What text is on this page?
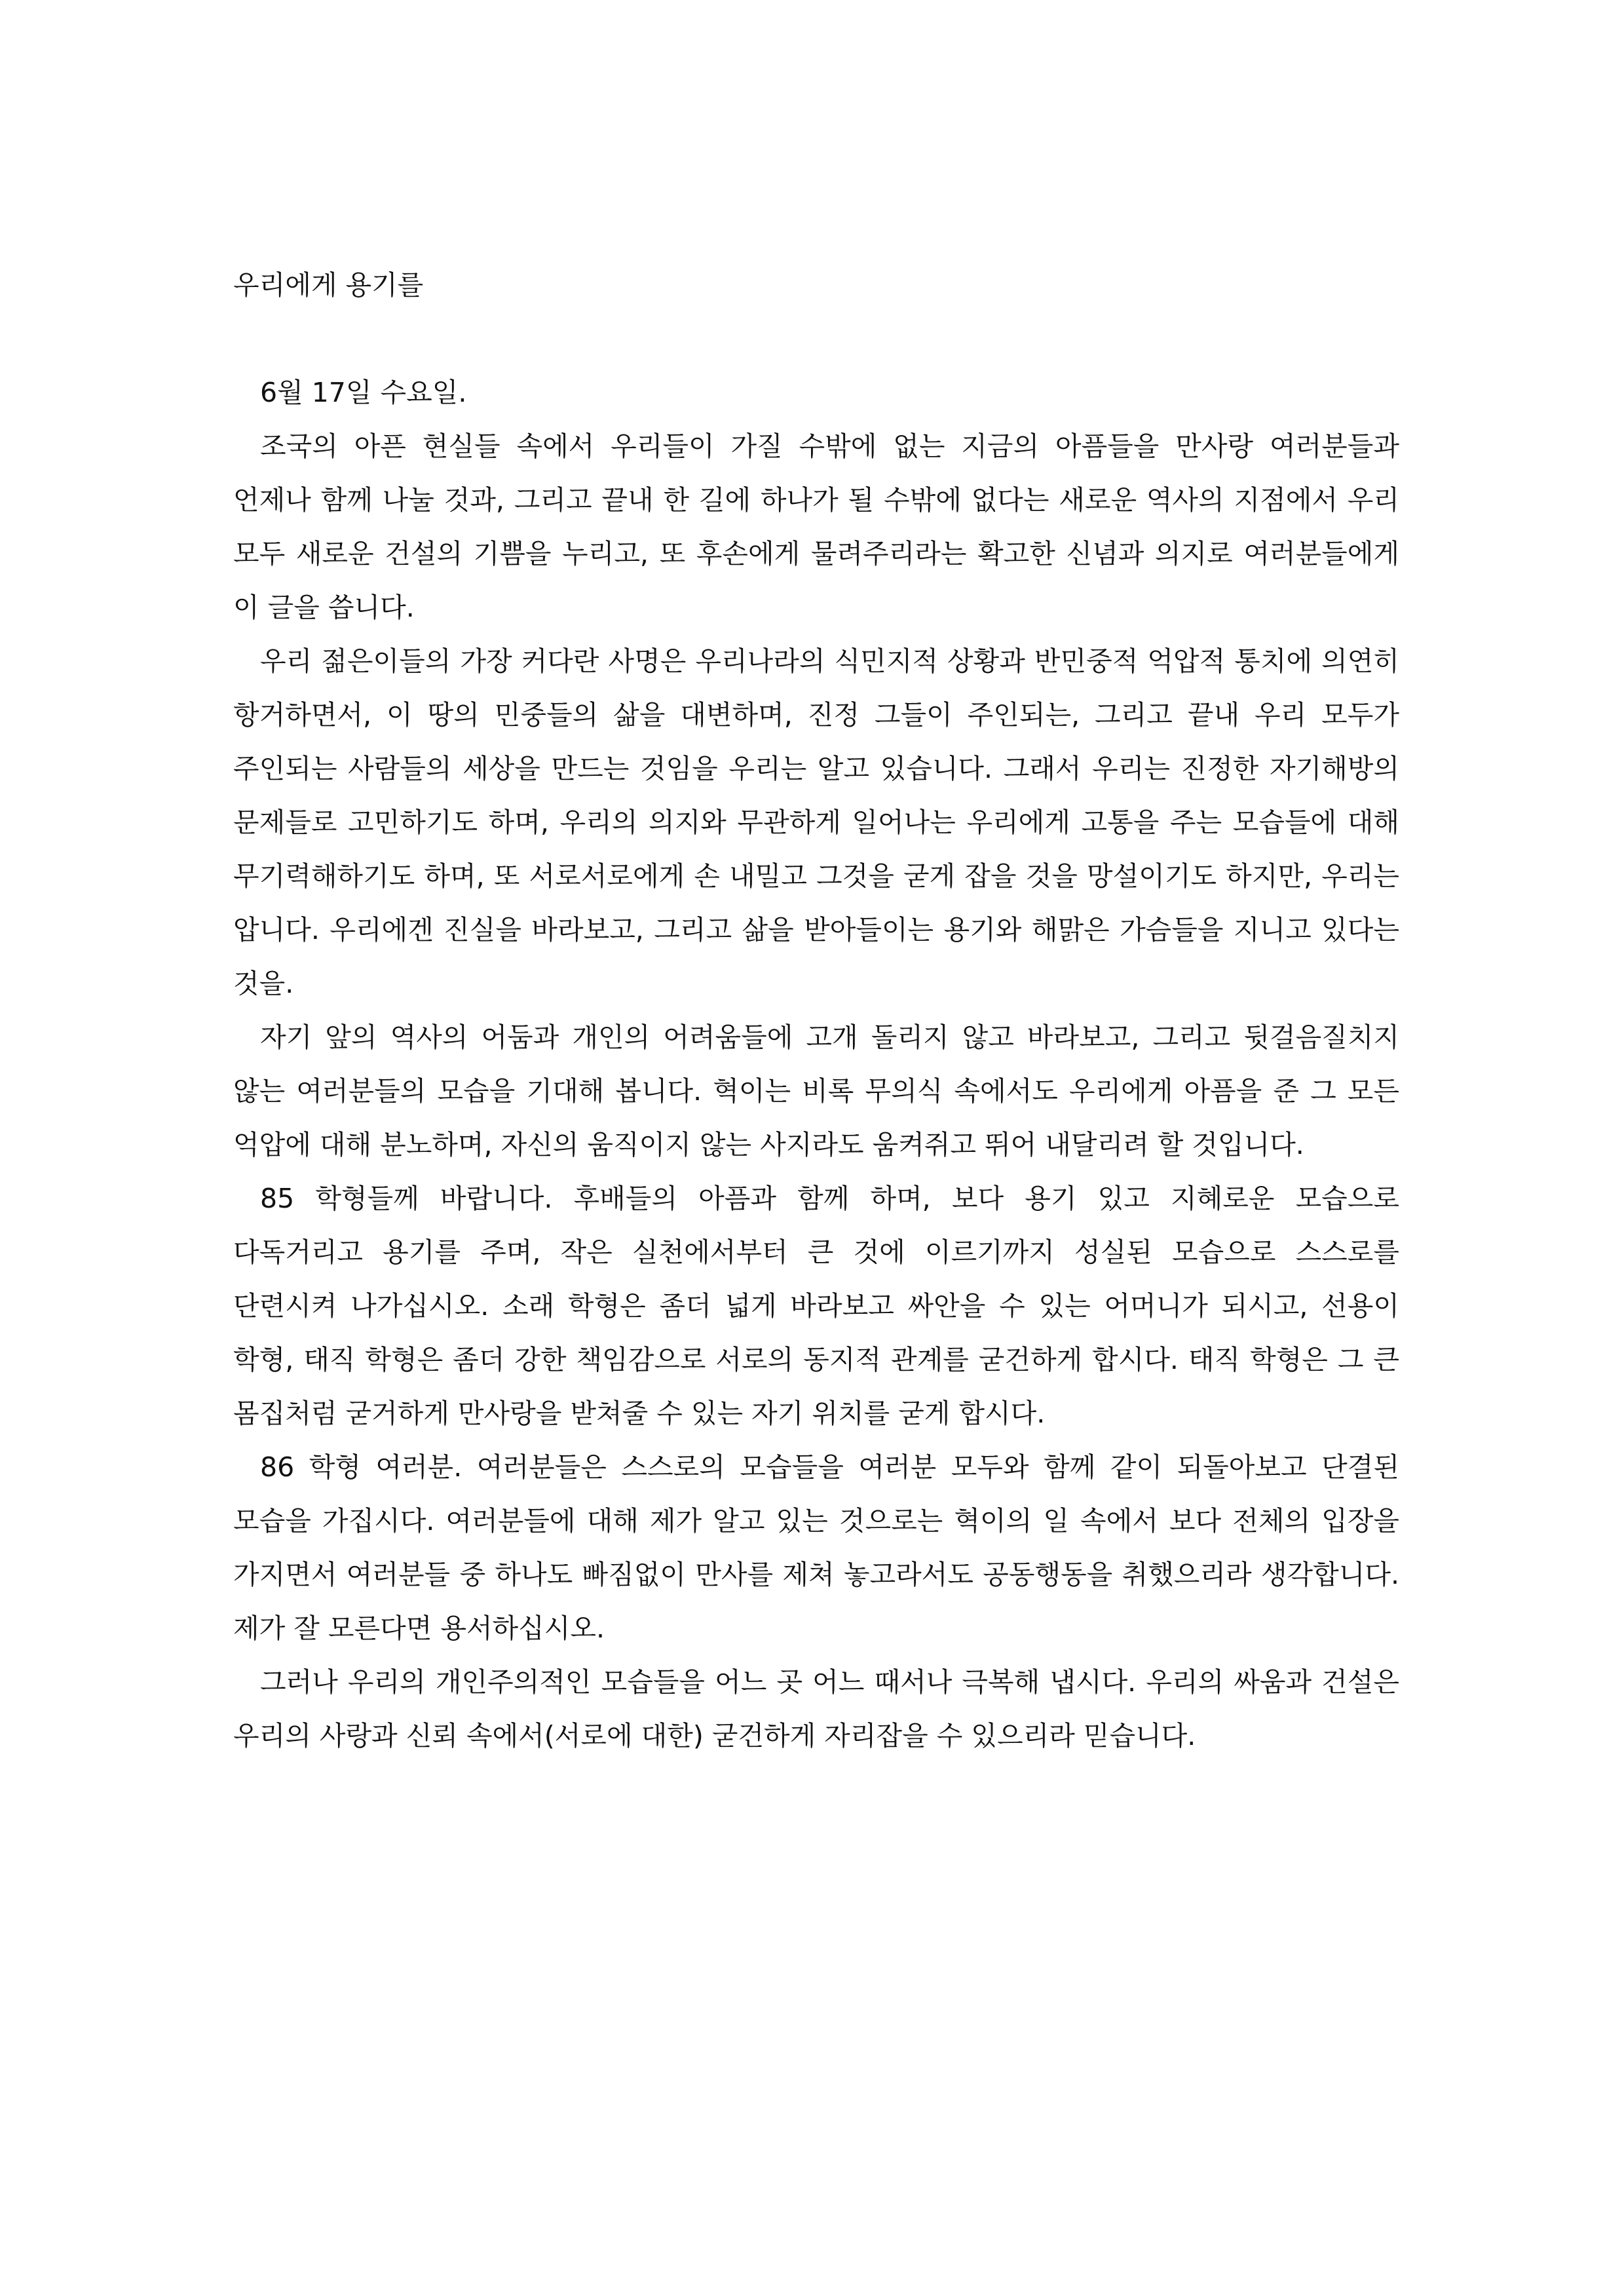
우리에게 용기를

6월 17일 수요일.

조국의 아픈 현실들 속에서 우리들이 가질 수밖에 없는 지금의 아픔들을 만사랑 여러분들과 언제나 함께 나눌 것과, 그리고 끝내 한 길에 하나가 될 수밖에 없다는 새로운 역사의 지점에서 우리 모두 새로운 건설의 기쁨을 누리고, 또 후손에게 물려주리라는 확고한 신념과 의지로 여러분들에게 이 글을 씁니다.

우리 젊은이들의 가장 커다란 사명은 우리나라의 식민지적 상황과 반민중적 억압적 통치에 의연히 항거하면서, 이 땅의 민중들의 삶을 대변하며, 진정 그들이 주인되는, 그리고 끝내 우리 모두가 주인되는 사람들의 세상을 만드는 것임을 우리는 알고 있습니다. 그래서 우리는 진정한 자기해방의 문제들로 고민하기도 하며, 우리의 의지와 무관하게 일어나는 우리에게 고통을 주는 모습들에 대해 무기력해하기도 하며, 또 서로서로에게 손 내밀고 그것을 굳게 잡을 것을 망설이기도 하지만, 우리는 압니다. 우리에겐 진실을 바라보고, 그리고 삶을 받아들이는 용기와 해맑은 가슴들을 지니고 있다는 것을.

자기 앞의 역사의 어둠과 개인의 어려움들에 고개 돌리지 않고 바라보고, 그리고 뒷걸음질치지 않는 여러분들의 모습을 기대해 봅니다. 혁이는 비록 무의식 속에서도 우리에게 아픔을 준 그 모든 억압에 대해 분노하며, 자신의 움직이지 않는 사지라도 움켜쥐고 뛰어 내달리려 할 것입니다.

85 학형들께 바랍니다. 후배들의 아픔과 함께 하며, 보다 용기 있고 지혜로운 모습으로 다독거리고 용기를 주며, 작은 실천에서부터 큰 것에 이르기까지 성실된 모습으로 스스로를 단련시켜 나가십시오. 소래 학형은 좀더 넓게 바라보고 싸안을 수 있는 어머니가 되시고, 선용이 학형, 태직 학형은 좀더 강한 책임감으로 서로의 동지적 관계를 굳건하게 합시다. 태직 학형은 그 큰 몸집처럼 굳거하게 만사랑을 받쳐줄 수 있는 자기 위치를 굳게 합시다.

86 학형 여러분. 여러분들은 스스로의 모습들을 여러분 모두와 함께 같이 되돌아보고 단결된 모습을 가집시다. 여러분들에 대해 제가 알고 있는 것으로는 혁이의 일 속에서 보다 전체의 입장을 가지면서 여러분들 중 하나도 빠짐없이 만사를 제쳐 놓고라서도 공동행동을 취했으리라 생각합니다. 제가 잘 모른다면 용서하십시오.

그러나 우리의 개인주의적인 모습들을 어느 곳 어느 때서나 극복해 냅시다. 우리의 싸움과 건설은 우리의 사랑과 신뢰 속에서(서로에 대한) 굳건하게 자리잡을 수 있으리라 믿습니다.
